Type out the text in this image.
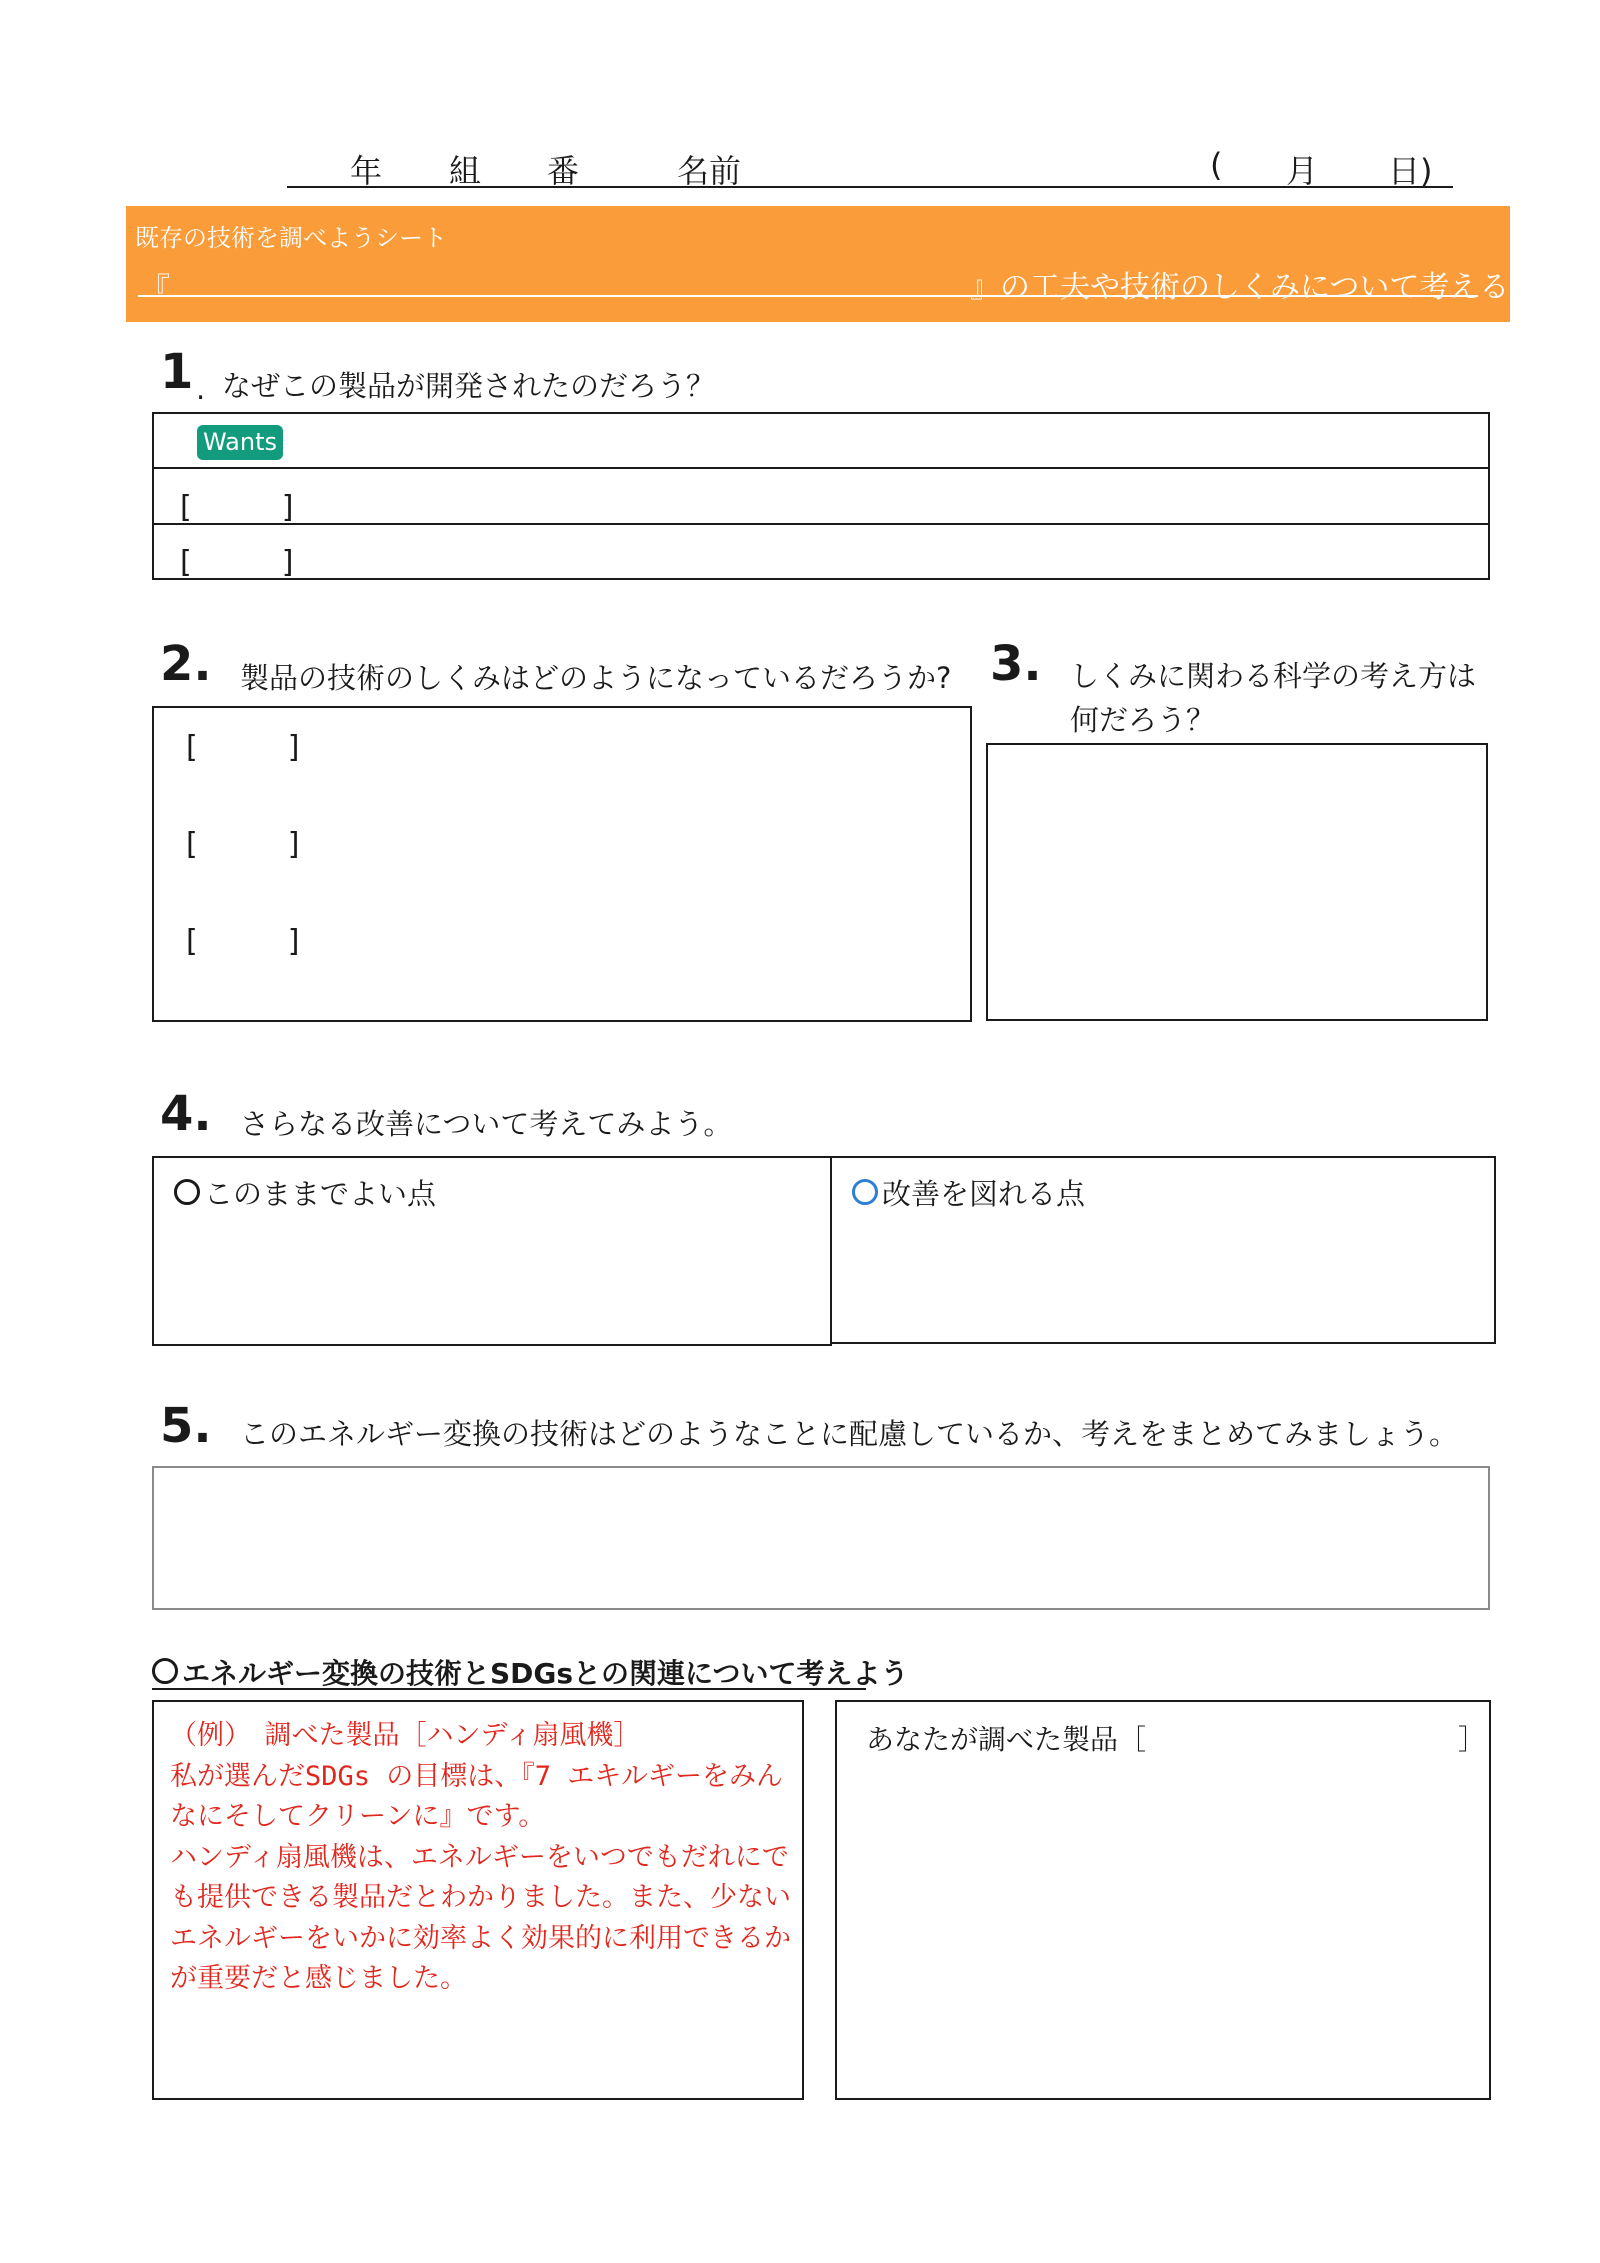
年 組 番	名前	( 月 日)
既存の技術を調べようシート
『	』の工夫や技術のしくみについて考える。
1 . なぜこの製品が開発されたのだろう？
Wants
[　　　]
[　　　]
2. 製品の技術のしくみはどのようになっているだろうか?
[　　　]
[　　　]
[　　　]
3. しくみに関わる科学の考え方は
何だろう？
4. さらなる改善について考えてみよう。
このままでよい点	改善を図れる点
5. このエネルギー変換の技術はどのようなことに配慮しているか、考えをまとめてみましょう。
エネルギー変換の技術とSDGsとの関連について考えよう
（例）　調べた製品［ハンディ扇風機］
私が選んだSDGs の目標は、『7 エキルギーをみん
なにそしてクリーンに』です。
ハンディ扇風機は、エネルギーをいつでもだれにで
も提供できる製品だとわかりました。また、少ない
エネルギーをいかに効率よく効果的に利用できるか
が重要だと感じました。
あなたが調べた製品［	］
